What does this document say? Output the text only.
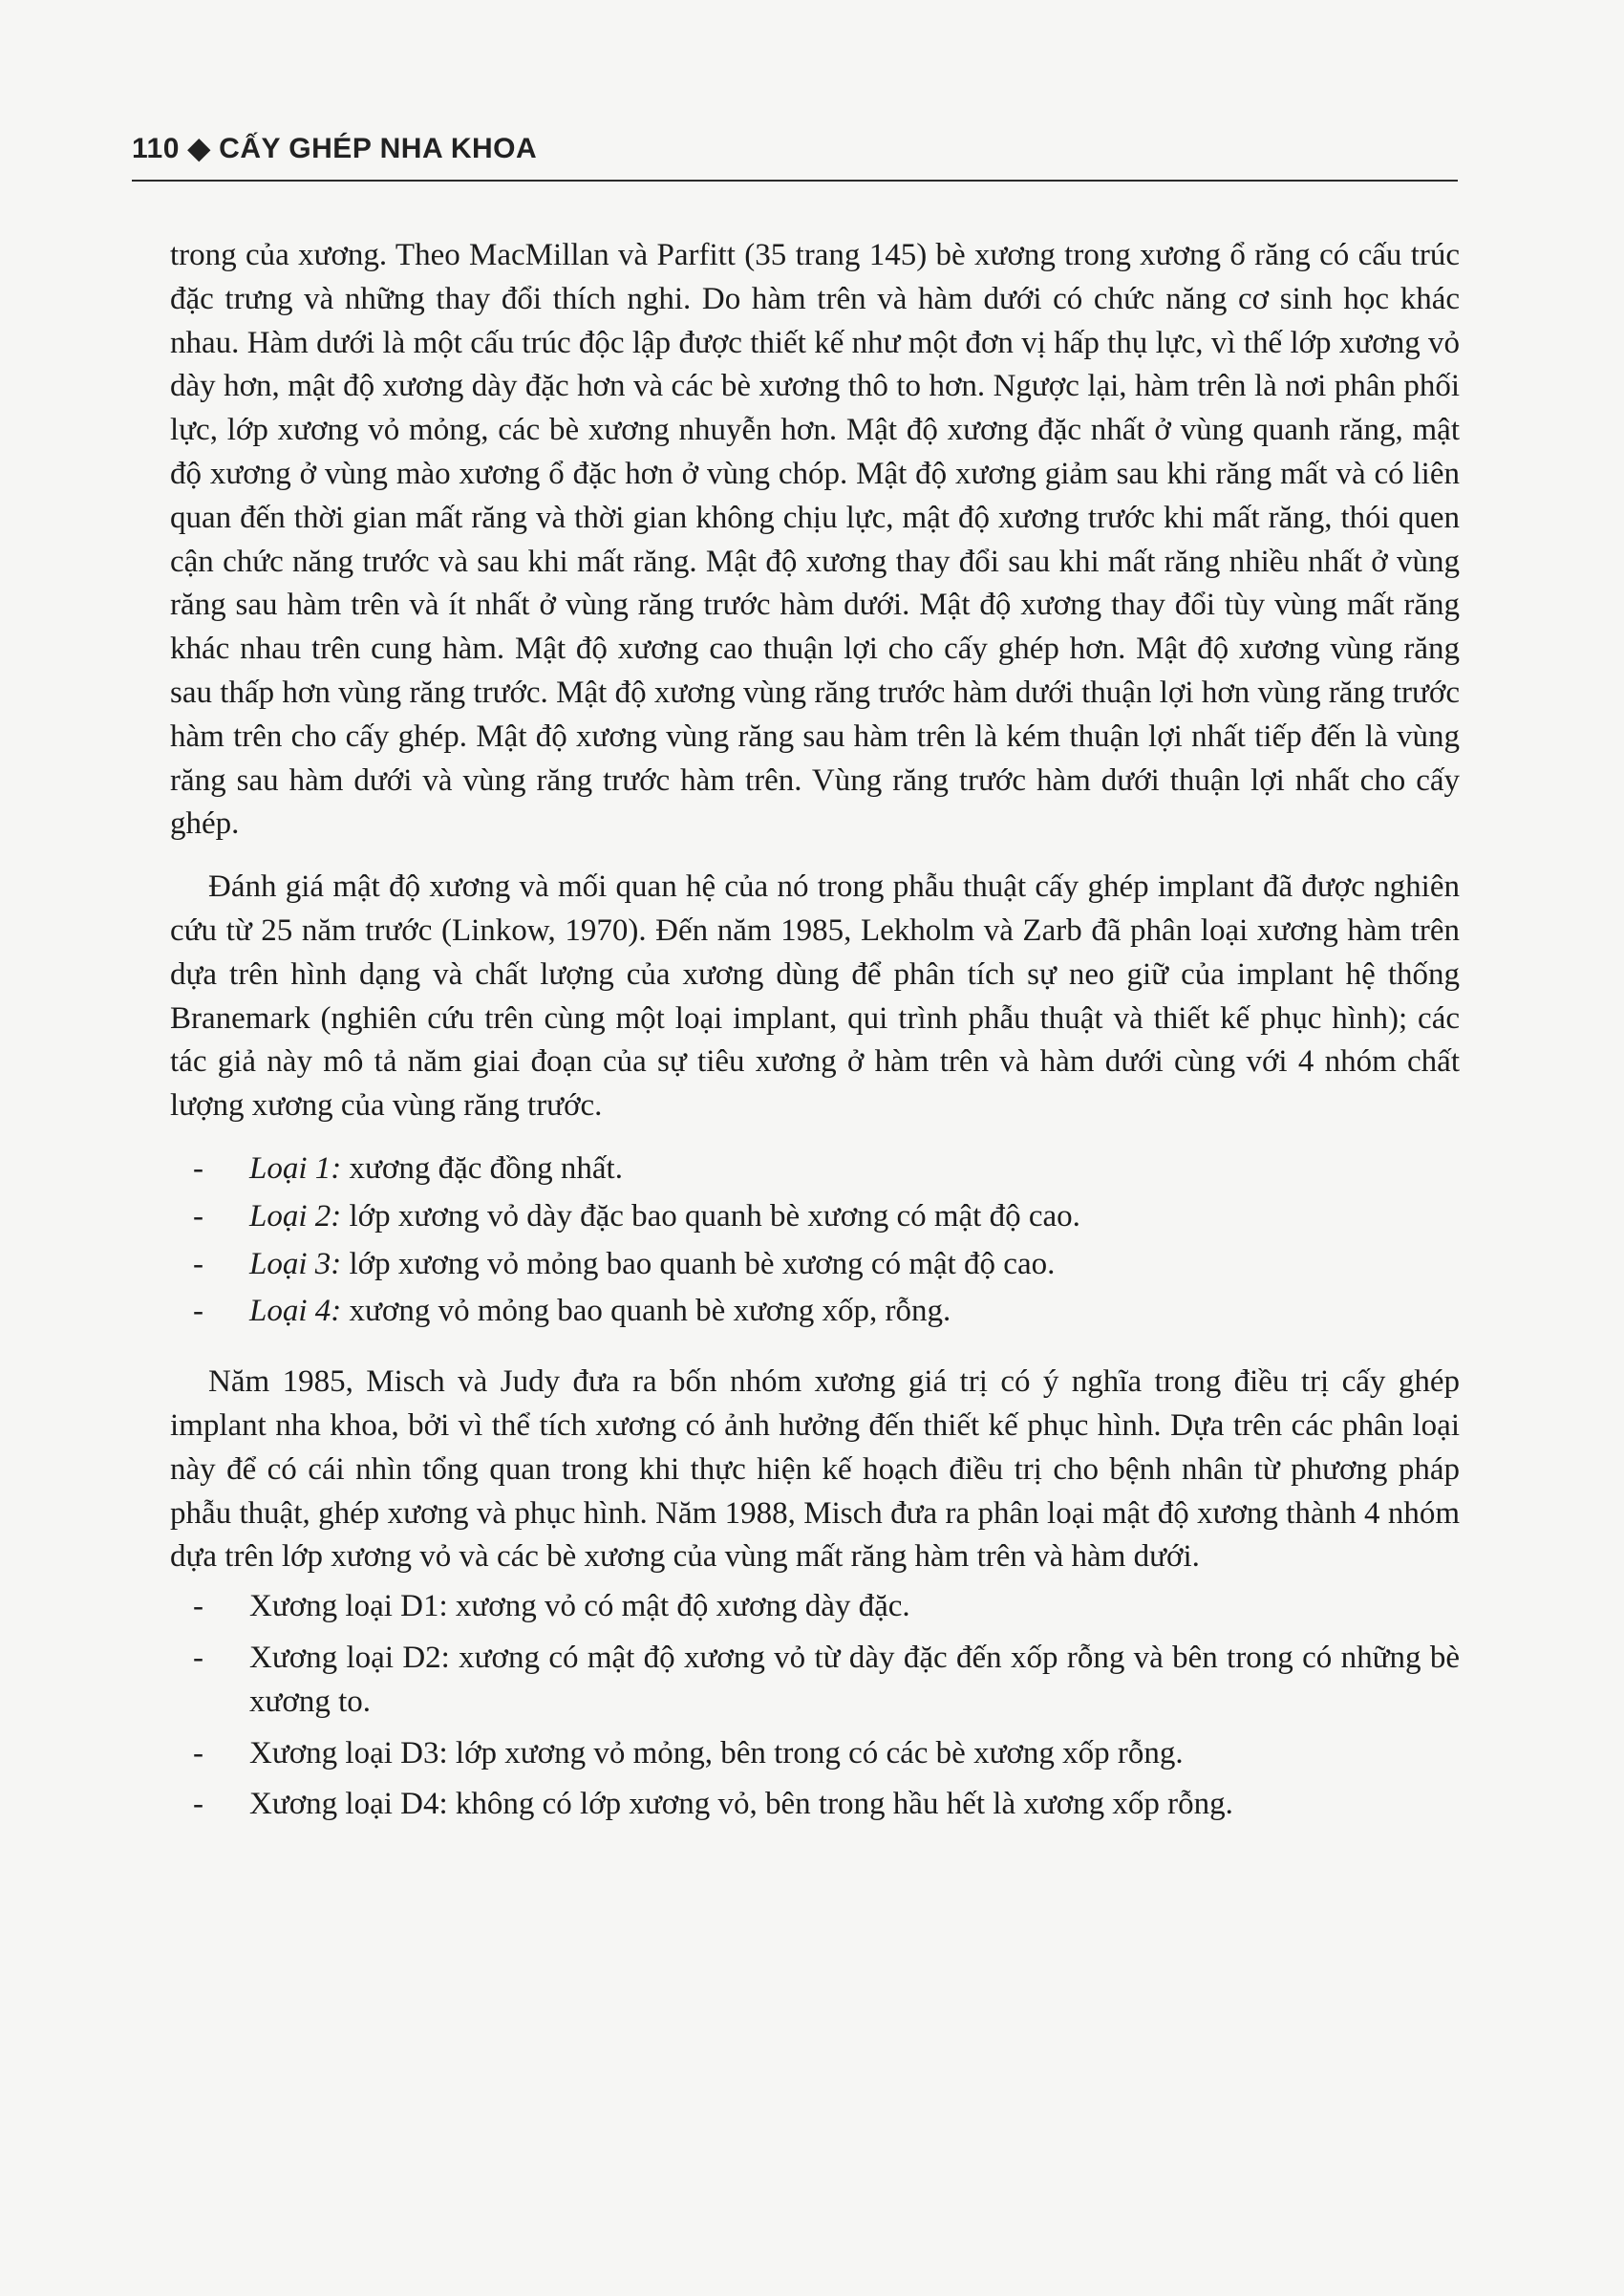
110 ◆ CẤY GHÉP NHA KHOA

trong của xương. Theo MacMillan và Parfitt (35 trang 145) bè xương trong xương ổ răng có cấu trúc đặc trưng và những thay đổi thích nghi. Do hàm trên và hàm dưới có chức năng cơ sinh học khác nhau. Hàm dưới là một cấu trúc độc lập được thiết kế như một đơn vị hấp thụ lực, vì thế lớp xương vỏ dày hơn, mật độ xương dày đặc hơn và các bè xương thô to hơn. Ngược lại, hàm trên là nơi phân phối lực, lớp xương vỏ mỏng, các bè xương nhuyễn hơn. Mật độ xương đặc nhất ở vùng quanh răng, mật độ xương ở vùng mào xương ổ đặc hơn ở vùng chóp. Mật độ xương giảm sau khi răng mất và có liên quan đến thời gian mất răng và thời gian không chịu lực, mật độ xương trước khi mất răng, thói quen cận chức năng trước và sau khi mất răng. Mật độ xương thay đổi sau khi mất răng nhiều nhất ở vùng răng sau hàm trên và ít nhất ở vùng răng trước hàm dưới. Mật độ xương thay đổi tùy vùng mất răng khác nhau trên cung hàm. Mật độ xương cao thuận lợi cho cấy ghép hơn. Mật độ xương vùng răng sau thấp hơn vùng răng trước. Mật độ xương vùng răng trước hàm dưới thuận lợi hơn vùng răng trước hàm trên cho cấy ghép. Mật độ xương vùng răng sau hàm trên là kém thuận lợi nhất tiếp đến là vùng răng sau hàm dưới và vùng răng trước hàm trên. Vùng răng trước hàm dưới thuận lợi nhất cho cấy ghép.

Đánh giá mật độ xương và mối quan hệ của nó trong phẫu thuật cấy ghép implant đã được nghiên cứu từ 25 năm trước (Linkow, 1970). Đến năm 1985, Lekholm và Zarb đã phân loại xương hàm trên dựa trên hình dạng và chất lượng của xương dùng để phân tích sự neo giữ của implant hệ thống Branemark (nghiên cứu trên cùng một loại implant, qui trình phẫu thuật và thiết kế phục hình); các tác giả này mô tả năm giai đoạn của sự tiêu xương ở hàm trên và hàm dưới cùng với 4 nhóm chất lượng xương của vùng răng trước.

- Loại 1: xương đặc đồng nhất.
- Loại 2: lớp xương vỏ dày đặc bao quanh bè xương có mật độ cao.
- Loại 3: lớp xương vỏ mỏng bao quanh bè xương có mật độ cao.
- Loại 4: xương vỏ mỏng bao quanh bè xương xốp, rỗng.

Năm 1985, Misch và Judy đưa ra bốn nhóm xương giá trị có ý nghĩa trong điều trị cấy ghép implant nha khoa, bởi vì thể tích xương có ảnh hưởng đến thiết kế phục hình. Dựa trên các phân loại này để có cái nhìn tổng quan trong khi thực hiện kế hoạch điều trị cho bệnh nhân từ phương pháp phẫu thuật, ghép xương và phục hình. Năm 1988, Misch đưa ra phân loại mật độ xương thành 4 nhóm dựa trên lớp xương vỏ và các bè xương của vùng mất răng hàm trên và hàm dưới.

- Xương loại D1: xương vỏ có mật độ xương dày đặc.
- Xương loại D2: xương có mật độ xương vỏ từ dày đặc đến xốp rỗng và bên trong có những bè xương to.
- Xương loại D3: lớp xương vỏ mỏng, bên trong có các bè xương xốp rỗng.
- Xương loại D4: không có lớp xương vỏ, bên trong hầu hết là xương xốp rỗng.
